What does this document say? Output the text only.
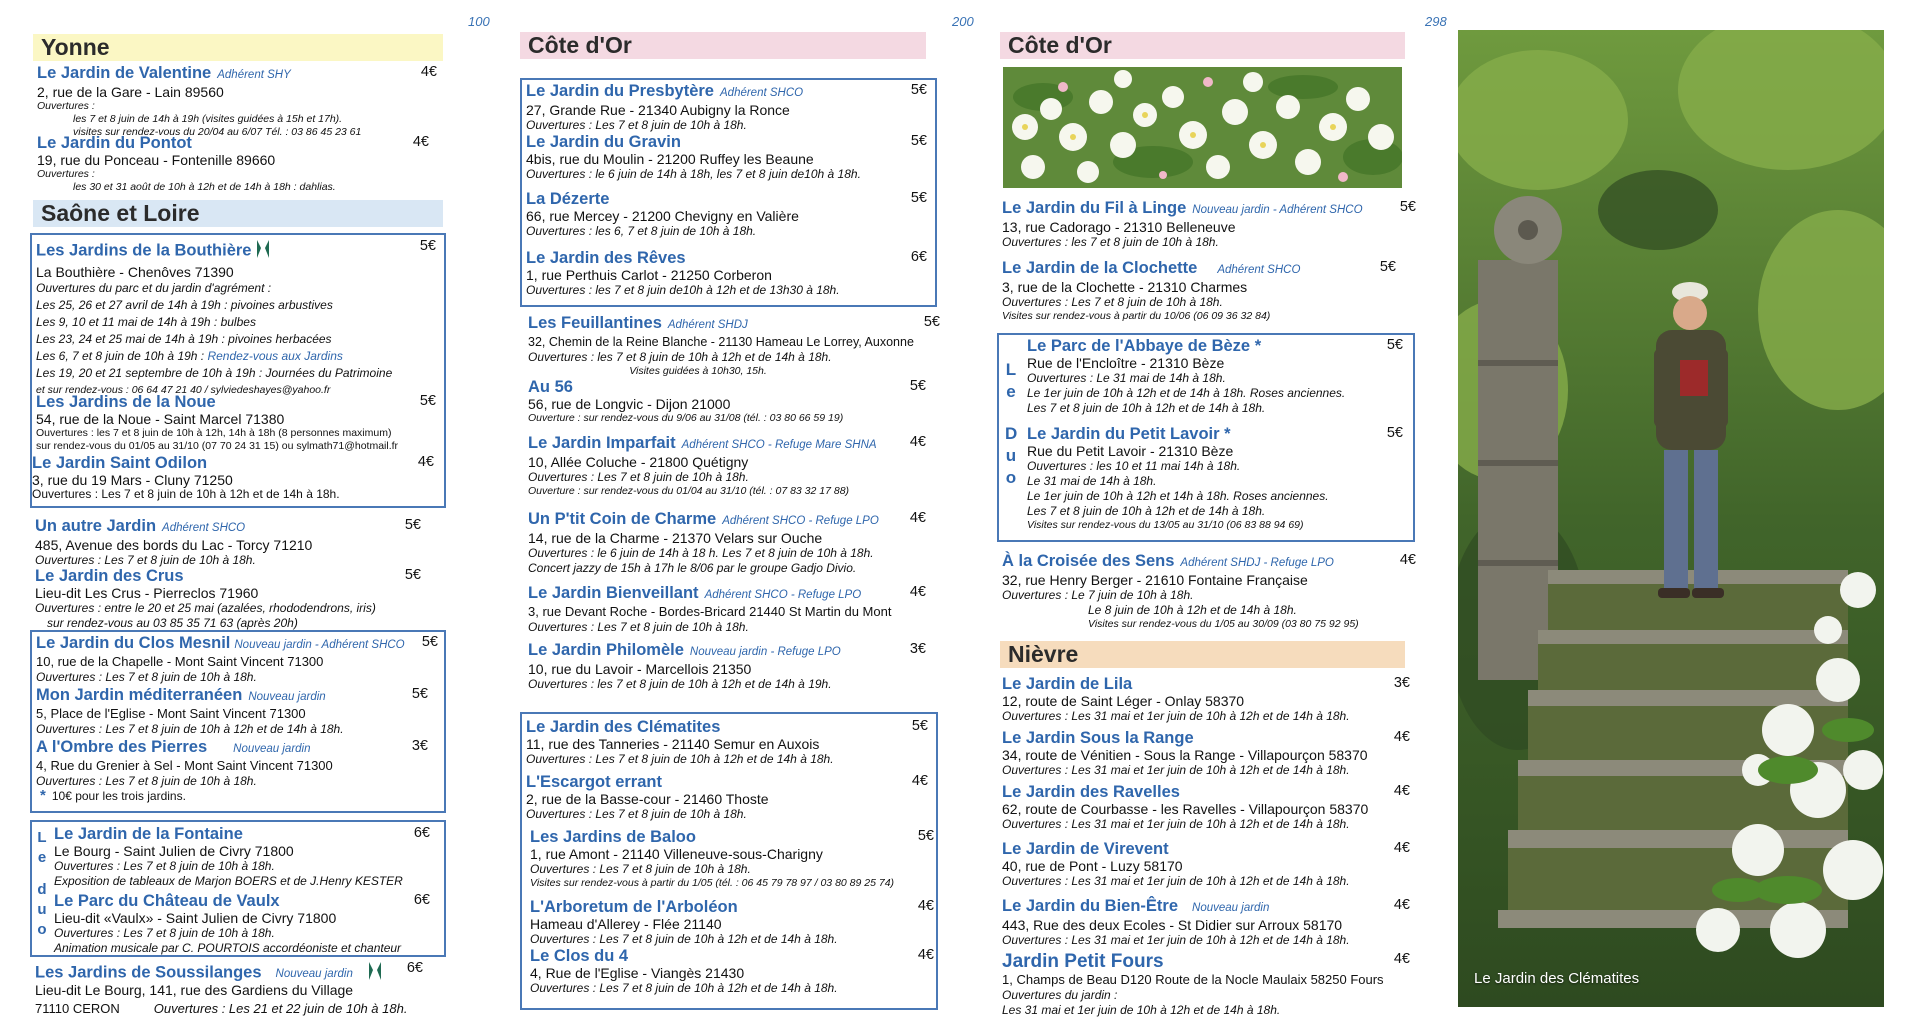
100	200	298
Yonne
Le Jardin de Valentine Adhérent SHY	4€
2, rue de la Gare - Lain 89560
Ouvertures :
les 7 et 8 juin de 14h à 19h (visites guidées à 15h et 17h).
visites sur rendez-vous du 20/04 au 6/07 Tél. : 03 86 45 23 61
Le Jardin du Pontot	4€
19, rue du Ponceau - Fontenille 89660
Ouvertures :
les 30 et 31 août de 10h à 12h et de 14h à 18h : dahlias.
Saône et Loire
Les Jardins de la Bouthière	5€
La Bouthière - Chenôves 71390
Ouvertures du parc et du jardin d'agrément :
Les 25, 26 et 27 avril de 14h à 19h : pivoines arbustives
Les 9, 10 et 11 mai de 14h à 19h : bulbes
Les 23, 24 et 25 mai de 14h à 19h : pivoines herbacées
Les 6, 7 et 8 juin de 10h à 19h : Rendez-vous aux Jardins
Les 19, 20 et 21 septembre de 10h à 19h : Journées du Patrimoine
et sur rendez-vous : 06 64 47 21 40 / sylviedeshayes@yahoo.fr
Les Jardins de la Noue	5€
54, rue de la Noue - Saint Marcel 71380
Ouvertures : les 7 et 8 juin de 10h à 12h, 14h à 18h (8 personnes maximum)
sur rendez-vous du 01/05 au 31/10 (07 70 24 31 15) ou sylmath71@hotmail.fr
Le Jardin Saint Odilon	4€
3, rue du 19 Mars - Cluny 71250
Ouvertures : Les 7 et 8 juin de 10h à 12h et de 14h à 18h.
Un autre Jardin Adhérent SHCO	5€
485, Avenue des bords du Lac - Torcy 71210
Ouvertures : Les 7 et 8 juin de 10h à 18h.
Le Jardin des Crus	5€
Lieu-dit Les Crus - Pierreclos 71960
Ouvertures : entre le 20 et 25 mai (azalées, rhododendrons, iris)
sur rendez-vous au 03 85 35 71 63 (après 20h)
Le Jardin du Clos Mesnil Nouveau jardin - Adhérent SHCO	5€
10, rue de la Chapelle - Mont Saint Vincent 71300
Ouvertures : Les 7 et 8 juin de 10h à 18h.
Mon Jardin méditerranéen Nouveau jardin	5€
5, Place de l'Eglise - Mont Saint Vincent 71300
Ouvertures : Les 7 et 8 juin de 10h à 12h et de 14h à 18h.
A l'Ombre des Pierres Nouveau jardin	3€
4, Rue du Grenier à Sel - Mont Saint Vincent 71300
Ouvertures : Les 7 et 8 juin de 10h à 18h.
* 10€ pour les trois jardins.
L
e
d
u
o
Le Jardin de la Fontaine	6€
Le Bourg - Saint Julien de Civry 71800
Ouvertures : Les 7 et 8 juin de 10h à 18h.
Exposition de tableaux de Marjon BOERS et de J.Henry KESTER
Le Parc du Château de Vaulx	6€
Lieu-dit «Vaulx» - Saint Julien de Civry 71800
Ouvertures : Les 7 et 8 juin de 10h à 18h.
Animation musicale par C. POURTOIS accordéoniste et chanteur
Les Jardins de Soussilanges Nouveau jardin	6€
Lieu-dit Le Bourg, 141, rue des Gardiens du Village
71110 CERON	Ouvertures : Les 21 et 22 juin de 10h à 18h.
Côte d'Or
Le Jardin du Presbytère Adhérent SHCO	5€
27, Grande Rue - 21340 Aubigny la Ronce
Ouvertures : Les 7 et 8 juin de 10h à 18h.
Le Jardin du Gravin	5€
4bis, rue du Moulin - 21200 Ruffey les Beaune
Ouvertures : le 6 juin de 14h à 18h, les 7 et 8 juin de10h à 18h.
La Dézerte	5€
66, rue Mercey - 21200 Chevigny en Valière
Ouvertures : les 6, 7 et 8 juin de 10h à 18h.
Le Jardin des Rêves	6€
1, rue Perthuis Carlot - 21250 Corberon
Ouvertures : les 7 et 8 juin de10h à 12h et de 13h30 à 18h.
Les Feuillantines Adhérent SHDJ	5€
32, Chemin de la Reine Blanche - 21130 Hameau Le Lorrey, Auxonne
Ouvertures : les 7 et 8 juin de 10h à 12h et de 14h à 18h.
Visites guidées à 10h30, 15h.
Au 56	5€
56, rue de Longvic - Dijon 21000
Ouverture : sur rendez-vous du 9/06 au 31/08 (tél. : 03 80 66 59 19)
Le Jardin Imparfait Adhérent SHCO - Refuge Mare SHNA	4€
10, Allée Coluche - 21800 Quétigny
Ouvertures : Les 7 et 8 juin de 10h à 18h.
Ouverture : sur rendez-vous du 01/04 au 31/10 (tél. : 07 83 32 17 88)
Un P'tit Coin de Charme Adhérent SHCO - Refuge LPO	4€
14, rue de la Charme - 21370 Velars sur Ouche
Ouvertures : le 6 juin de 14h à 18 h. Les 7 et 8 juin de 10h à 18h.
Concert jazzy de 15h à 17h le 8/06 par le groupe Gadjo Divio.
Le Jardin Bienveillant Adhérent SHCO - Refuge LPO	4€
3, rue Devant Roche - Bordes-Bricard 21440 St Martin du Mont
Ouvertures : Les 7 et 8 juin de 10h à 18h.
Le Jardin Philomèle Nouveau jardin - Refuge LPO	3€
10, rue du Lavoir - Marcellois 21350
Ouvertures : les 7 et 8 juin de 10h à 12h et de 14h à 19h.
Le Jardin des Clématites	5€
11, rue des Tanneries - 21140 Semur en Auxois
Ouvertures : Les 7 et 8 juin de 10h à 12h et de 14h à 18h.
L'Escargot errant	4€
2, rue de la Basse-cour - 21460 Thoste
Ouvertures : Les 7 et 8 juin de 10h à 18h.
Les Jardins de Baloo	5€
1, rue Amont - 21140 Villeneuve-sous-Charigny
Ouvertures : Les 7 et 8 juin de 10h à 18h.
Visites sur rendez-vous à partir du 1/05 (tél. : 06 45 79 78 97 / 03 80 89 25 74)
L'Arboretum de l'Arboléon	4€
Hameau d'Allerey - Flée 21140
Ouvertures : Les 7 et 8 juin de 10h à 12h et de 14h à 18h.
Le Clos du 4	4€
4, Rue de l'Eglise - Viangès 21430
Ouvertures : Les 7 et 8 juin de 10h à 12h et de 14h à 18h.
Côte d'Or
Le Jardin du Fil à Linge Nouveau jardin - Adhérent SHCO	5€
13, rue Cadorago - 21310 Belleneuve
Ouvertures : les 7 et 8 juin de 10h à 18h.
Le Jardin de la Clochette Adhérent SHCO	5€
3, rue de la Clochette - 21310 Charmes
Ouvertures : Les 7 et 8 juin de 10h à 18h.
Visites sur rendez-vous à partir du 10/06 (06 09 36 32 84)
L
e
D
u
o
Le Parc de l'Abbaye de Bèze *	5€
Rue de l'Encloître - 21310 Bèze
Ouvertures : Le 31 mai de 14h à 18h.
Le 1er juin de 10h à 12h et de 14h à 18h. Roses anciennes.
Les 7 et 8 juin de 10h à 12h et de 14h à 18h.
Le Jardin du Petit Lavoir *	5€
Rue du Petit Lavoir - 21310 Bèze
Ouvertures : les 10 et 11 mai 14h à 18h.
Le 31 mai de 14h à 18h.
Le 1er juin de 10h à 12h et 14h à 18h. Roses anciennes.
Les 7 et 8 juin de 10h à 12h et de 14h à 18h.
Visites sur rendez-vous du 13/05 au 31/10 (06 83 88 94 69)
À la Croisée des Sens Adhérent SHDJ - Refuge LPO	4€
32, rue Henry Berger - 21610 Fontaine Française
Ouvertures : Le 7 juin de 10h à 18h.
Le 8 juin de 10h à 12h et de 14h à 18h.
Visites sur rendez-vous du 1/05 au 30/09 (03 80 75 92 95)
Nièvre
Le Jardin de Lila	3€
12, route de Saint Léger - Onlay 58370
Ouvertures : Les 31 mai et 1er juin de 10h à 12h et de 14h à 18h.
Le Jardin Sous la Range	4€
34, route de Vénitien - Sous la Range - Villapourçon 58370
Ouvertures : Les 31 mai et 1er juin de 10h à 12h et de 14h à 18h.
Le Jardin des Ravelles	4€
62, route de Courbasse - les Ravelles - Villapourçon 58370
Ouvertures : Les 31 mai et 1er juin de 10h à 12h et de 14h à 18h.
Le Jardin de Virevent	4€
40, rue de Pont - Luzy 58170
Ouvertures : Les 31 mai et 1er juin de 10h à 12h et de 14h à 18h.
Le Jardin du Bien-Être Nouveau jardin	4€
443, Rue des deux Ecoles - St Didier sur Arroux 58170
Ouvertures : Les 31 mai et 1er juin de 10h à 12h et de 14h à 18h.
Jardin Petit Fours	4€
1, Champs de Beau D120 Route de la Nocle Maulaix 58250 Fours
Ouvertures du jardin :
Les 31 mai et 1er juin de 10h à 12h et de 14h à 18h.
Le Jardin des Clématites
